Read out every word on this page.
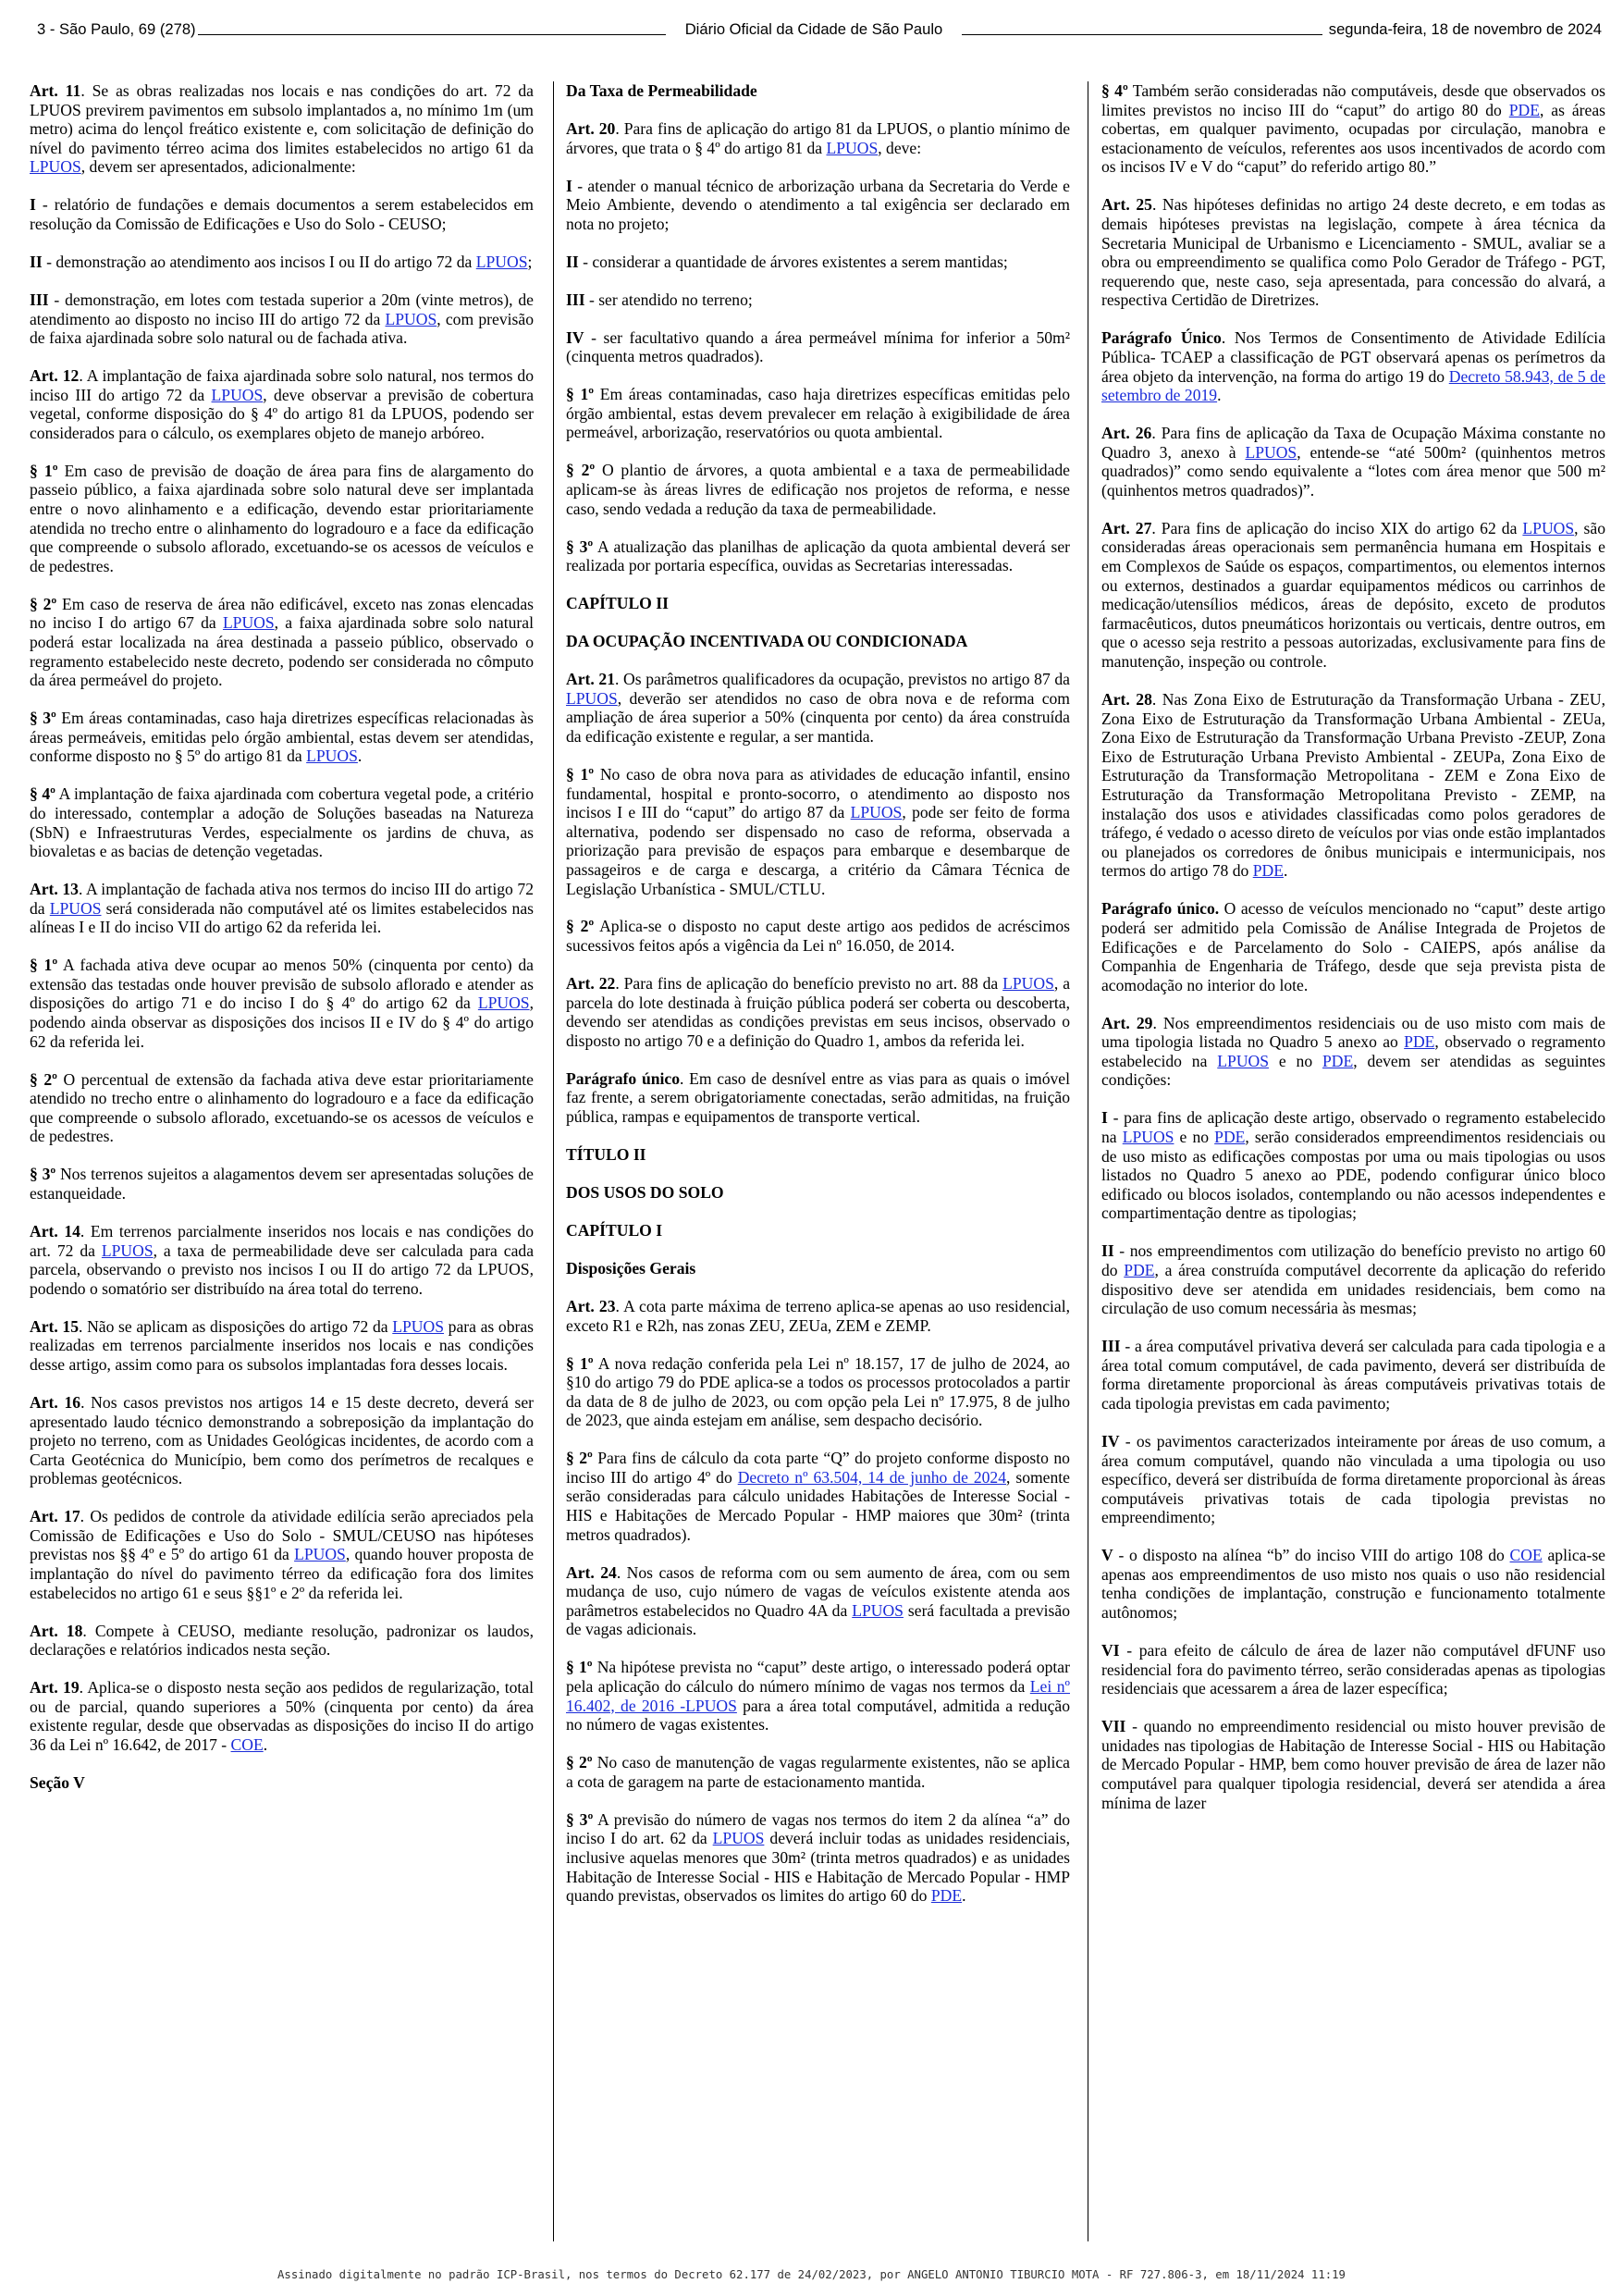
3 - São Paulo, 69 (278)	Diário Oficial da Cidade de São Paulo	segunda-feira, 18 de novembro de 2024

Art. 11. Se as obras realizadas nos locais e nas condições do art. 72 da LPUOS previrem pavimentos em subsolo implantados a, no mínimo 1m (um metro) acima do lençol freático existente e, com solicitação de definição do nível do pavimento térreo acima dos limites estabelecidos no artigo 61 da LPUOS, devem ser apresentados, adicionalmente:

I - relatório de fundações e demais documentos a serem estabelecidos em resolução da Comissão de Edificações e Uso do Solo - CEUSO;

II - demonstração ao atendimento aos incisos I ou II do artigo 72 da LPUOS;

III - demonstração, em lotes com testada superior a 20m (vinte metros), de atendimento ao disposto no inciso III do artigo 72 da LPUOS, com previsão de faixa ajardinada sobre solo natural ou de fachada ativa.

Art. 12. A implantação de faixa ajardinada sobre solo natural, nos termos do inciso III do artigo 72 da LPUOS, deve observar a previsão de cobertura vegetal, conforme disposição do § 4º do artigo 81 da LPUOS, podendo ser considerados para o cálculo, os exemplares objeto de manejo arbóreo.

§ 1º Em caso de previsão de doação de área para fins de alargamento do passeio público, a faixa ajardinada sobre solo natural deve ser implantada entre o novo alinhamento e a edificação, devendo estar prioritariamente atendida no trecho entre o alinhamento do logradouro e a face da edificação que compreende o subsolo aflorado, excetuando-se os acessos de veículos e de pedestres.

§ 2º Em caso de reserva de área não edificável, exceto nas zonas elencadas no inciso I do artigo 67 da LPUOS, a faixa ajardinada sobre solo natural poderá estar localizada na área destinada a passeio público, observado o regramento estabelecido neste decreto, podendo ser considerada no cômputo da área permeável do projeto.

§ 3º Em áreas contaminadas, caso haja diretrizes específicas relacionadas às áreas permeáveis, emitidas pelo órgão ambiental, estas devem ser atendidas, conforme disposto no § 5º do artigo 81 da LPUOS.

§ 4º A implantação de faixa ajardinada com cobertura vegetal pode, a critério do interessado, contemplar a adoção de Soluções baseadas na Natureza (SbN) e Infraestruturas Verdes, especialmente os jardins de chuva, as biovaletas e as bacias de detenção vegetadas.

Art. 13. A implantação de fachada ativa nos termos do inciso III do artigo 72 da LPUOS será considerada não computável até os limites estabelecidos nas alíneas I e II do inciso VII do artigo 62 da referida lei.

§ 1º A fachada ativa deve ocupar ao menos 50% (cinquenta por cento) da extensão das testadas onde houver previsão de subsolo aflorado e atender as disposições do artigo 71 e do inciso I do § 4º do artigo 62 da LPUOS, podendo ainda observar as disposições dos incisos II e IV do § 4º do artigo 62 da referida lei.

§ 2º O percentual de extensão da fachada ativa deve estar prioritariamente atendido no trecho entre o alinhamento do logradouro e a face da edificação que compreende o subsolo aflorado, excetuando-se os acessos de veículos e de pedestres.

§ 3º Nos terrenos sujeitos a alagamentos devem ser apresentadas soluções de estanqueidade.

Art. 14. Em terrenos parcialmente inseridos nos locais e nas condições do art. 72 da LPUOS, a taxa de permeabilidade deve ser calculada para cada parcela, observando o previsto nos incisos I ou II do artigo 72 da LPUOS, podendo o somatório ser distribuído na área total do terreno.

Art. 15. Não se aplicam as disposições do artigo 72 da LPUOS para as obras realizadas em terrenos parcialmente inseridos nos locais e nas condições desse artigo, assim como para os subsolos implantadas fora desses locais.

Art. 16. Nos casos previstos nos artigos 14 e 15 deste decreto, deverá ser apresentado laudo técnico demonstrando a sobreposição da implantação do projeto no terreno, com as Unidades Geológicas incidentes, de acordo com a Carta Geotécnica do Município, bem como dos perímetros de recalques e problemas geotécnicos.

Art. 17. Os pedidos de controle da atividade edilícia serão apreciados pela Comissão de Edificações e Uso do Solo - SMUL/CEUSO nas hipóteses previstas nos §§ 4º e 5º do artigo 61 da LPUOS, quando houver proposta de implantação do nível do pavimento térreo da edificação fora dos limites estabelecidos no artigo 61 e seus §§1º e 2º da referida lei.

Art. 18. Compete à CEUSO, mediante resolução, padronizar os laudos, declarações e relatórios indicados nesta seção.

Art. 19. Aplica-se o disposto nesta seção aos pedidos de regularização, total ou de parcial, quando superiores a 50% (cinquenta por cento) da área existente regular, desde que observadas as disposições do inciso II do artigo 36 da Lei nº 16.642, de 2017 - COE.

Seção V

Da Taxa de Permeabilidade

Art. 20. Para fins de aplicação do artigo 81 da LPUOS, o plantio mínimo de árvores, que trata o § 4º do artigo 81 da LPUOS, deve:

I - atender o manual técnico de arborização urbana da Secretaria do Verde e Meio Ambiente, devendo o atendimento a tal exigência ser declarado em nota no projeto;

II - considerar a quantidade de árvores existentes a serem mantidas;

III - ser atendido no terreno;

IV - ser facultativo quando a área permeável mínima for inferior a 50m² (cinquenta metros quadrados).

§ 1º Em áreas contaminadas, caso haja diretrizes específicas emitidas pelo órgão ambiental, estas devem prevalecer em relação à exigibilidade de área permeável, arborização, reservatórios ou quota ambiental.

§ 2º O plantio de árvores, a quota ambiental e a taxa de permeabilidade aplicam-se às áreas livres de edificação nos projetos de reforma, e nesse caso, sendo vedada a redução da taxa de permeabilidade.

§ 3º A atualização das planilhas de aplicação da quota ambiental deverá ser realizada por portaria específica, ouvidas as Secretarias interessadas.

CAPÍTULO II

DA OCUPAÇÃO INCENTIVADA OU CONDICIONADA

Art. 21. Os parâmetros qualificadores da ocupação, previstos no artigo 87 da LPUOS, deverão ser atendidos no caso de obra nova e de reforma com ampliação de área superior a 50% (cinquenta por cento) da área construída da edificação existente e regular, a ser mantida.

§ 1º No caso de obra nova para as atividades de educação infantil, ensino fundamental, hospital e pronto-socorro, o atendimento ao disposto nos incisos I e III do “caput” do artigo 87 da LPUOS, pode ser feito de forma alternativa, podendo ser dispensado no caso de reforma, observada a priorização para previsão de espaços para embarque e desembarque de passageiros e de carga e descarga, a critério da Câmara Técnica de Legislação Urbanística - SMUL/CTLU.

§ 2º Aplica-se o disposto no caput deste artigo aos pedidos de acréscimos sucessivos feitos após a vigência da Lei nº 16.050, de 2014.

Art. 22. Para fins de aplicação do benefício previsto no art. 88 da LPUOS, a parcela do lote destinada à fruição pública poderá ser coberta ou descoberta, devendo ser atendidas as condições previstas em seus incisos, observado o disposto no artigo 70 e a definição do Quadro 1, ambos da referida lei.

Parágrafo único. Em caso de desnível entre as vias para as quais o imóvel faz frente, a serem obrigatoriamente conectadas, serão admitidas, na fruição pública, rampas e equipamentos de transporte vertical.

TÍTULO II

DOS USOS DO SOLO

CAPÍTULO I

Disposições Gerais

Art. 23. A cota parte máxima de terreno aplica-se apenas ao uso residencial, exceto R1 e R2h, nas zonas ZEU, ZEUa, ZEM e ZEMP.

§ 1º A nova redação conferida pela Lei nº 18.157, 17 de julho de 2024, ao §10 do artigo 79 do PDE aplica-se a todos os processos protocolados a partir da data de 8 de julho de 2023, ou com opção pela Lei nº 17.975, 8 de julho de 2023, que ainda estejam em análise, sem despacho decisório.

§ 2º Para fins de cálculo da cota parte “Q” do projeto conforme disposto no inciso III do artigo 4º do Decreto nº 63.504, 14 de junho de 2024, somente serão consideradas para cálculo unidades Habitações de Interesse Social - HIS e Habitações de Mercado Popular - HMP maiores que 30m² (trinta metros quadrados).

Art. 24. Nos casos de reforma com ou sem aumento de área, com ou sem mudança de uso, cujo número de vagas de veículos existente atenda aos parâmetros estabelecidos no Quadro 4A da LPUOS será facultada a previsão de vagas adicionais.

§ 1º Na hipótese prevista no “caput” deste artigo, o interessado poderá optar pela aplicação do cálculo do número mínimo de vagas nos termos da Lei nº 16.402, de 2016 -LPUOS para a área total computável, admitida a redução no número de vagas existentes.

§ 2º No caso de manutenção de vagas regularmente existentes, não se aplica a cota de garagem na parte de estacionamento mantida.

§ 3º A previsão do número de vagas nos termos do item 2 da alínea “a” do inciso I do art. 62 da LPUOS deverá incluir todas as unidades residenciais, inclusive aquelas menores que 30m² (trinta metros quadrados) e as unidades Habitação de Interesse Social - HIS e Habitação de Mercado Popular - HMP quando previstas, observados os limites do artigo 60 do PDE.

§ 4º Também serão consideradas não computáveis, desde que observados os limites previstos no inciso III do “caput” do artigo 80 do PDE, as áreas cobertas, em qualquer pavimento, ocupadas por circulação, manobra e estacionamento de veículos, referentes aos usos incentivados de acordo com os incisos IV e V do “caput” do referido artigo 80.”

Art. 25. Nas hipóteses definidas no artigo 24 deste decreto, e em todas as demais hipóteses previstas na legislação, compete à área técnica da Secretaria Municipal de Urbanismo e Licenciamento - SMUL, avaliar se a obra ou empreendimento se qualifica como Polo Gerador de Tráfego - PGT, requerendo que, neste caso, seja apresentada, para concessão do alvará, a respectiva Certidão de Diretrizes.

Parágrafo Único. Nos Termos de Consentimento de Atividade Edilícia Pública- TCAEP a classificação de PGT observará apenas os perímetros da área objeto da intervenção, na forma do artigo 19 do Decreto 58.943, de 5 de setembro de 2019.

Art. 26. Para fins de aplicação da Taxa de Ocupação Máxima constante no Quadro 3, anexo à LPUOS, entende-se “até 500m² (quinhentos metros quadrados)” como sendo equivalente a “lotes com área menor que 500 m² (quinhentos metros quadrados)”.

Art. 27. Para fins de aplicação do inciso XIX do artigo 62 da LPUOS, são consideradas áreas operacionais sem permanência humana em Hospitais e em Complexos de Saúde os espaços, compartimentos, ou elementos internos ou externos, destinados a guardar equipamentos médicos ou carrinhos de medicação/utensílios médicos, áreas de depósito, exceto de produtos farmacêuticos, dutos pneumáticos horizontais ou verticais, dentre outros, em que o acesso seja restrito a pessoas autorizadas, exclusivamente para fins de manutenção, inspeção ou controle.

Art. 28. Nas Zona Eixo de Estruturação da Transformação Urbana - ZEU, Zona Eixo de Estruturação da Transformação Urbana Ambiental - ZEUa, Zona Eixo de Estruturação da Transformação Urbana Previsto -ZEUP, Zona Eixo de Estruturação Urbana Previsto Ambiental - ZEUPa, Zona Eixo de Estruturação da Transformação Metropolitana - ZEM e Zona Eixo de Estruturação da Transformação Metropolitana Previsto - ZEMP, na instalação dos usos e atividades classificadas como polos geradores de tráfego, é vedado o acesso direto de veículos por vias onde estão implantados ou planejados os corredores de ônibus municipais e intermunicipais, nos termos do artigo 78 do PDE.

Parágrafo único. O acesso de veículos mencionado no “caput” deste artigo poderá ser admitido pela Comissão de Análise Integrada de Projetos de Edificações e de Parcelamento do Solo - CAIEPS, após análise da Companhia de Engenharia de Tráfego, desde que seja prevista pista de acomodação no interior do lote.

Art. 29. Nos empreendimentos residenciais ou de uso misto com mais de uma tipologia listada no Quadro 5 anexo ao PDE, observado o regramento estabelecido na LPUOS e no PDE, devem ser atendidas as seguintes condições:

I - para fins de aplicação deste artigo, observado o regramento estabelecido na LPUOS e no PDE, serão considerados empreendimentos residenciais ou de uso misto as edificações compostas por uma ou mais tipologias ou usos listados no Quadro 5 anexo ao PDE, podendo configurar único bloco edificado ou blocos isolados, contemplando ou não acessos independentes e compartimentação dentre as tipologias;

II - nos empreendimentos com utilização do benefício previsto no artigo 60 do PDE, a área construída computável decorrente da aplicação do referido dispositivo deve ser atendida em unidades residenciais, bem como na circulação de uso comum necessária às mesmas;

III - a área computável privativa deverá ser calculada para cada tipologia e a área total comum computável, de cada pavimento, deverá ser distribuída de forma diretamente proporcional às áreas computáveis privativas totais de cada tipologia previstas em cada pavimento;

IV - os pavimentos caracterizados inteiramente por áreas de uso comum, a área comum computável, quando não vinculada a uma tipologia ou uso específico, deverá ser distribuída de forma diretamente proporcional às áreas computáveis privativas totais de cada tipologia previstas no empreendimento;

V - o disposto na alínea “b” do inciso VIII do artigo 108 do COE aplica-se apenas aos empreendimentos de uso misto nos quais o uso não residencial tenha condições de implantação, construção e funcionamento totalmente autônomos;

VI - para efeito de cálculo de área de lazer não computável dFUNF uso residencial fora do pavimento térreo, serão consideradas apenas as tipologias residenciais que acessarem a área de lazer específica;

VII - quando no empreendimento residencial ou misto houver previsão de unidades nas tipologias de Habitação de Interesse Social - HIS ou Habitação de Mercado Popular - HMP, bem como houver previsão de área de lazer não computável para qualquer tipologia residencial, deverá ser atendida a área mínima de lazer

Assinado digitalmente no padrão ICP-Brasil, nos termos do Decreto 62.177 de 24/02/2023, por ANGELO ANTONIO TIBURCIO MOTA - RF 727.806-3, em 18/11/2024 11:19
